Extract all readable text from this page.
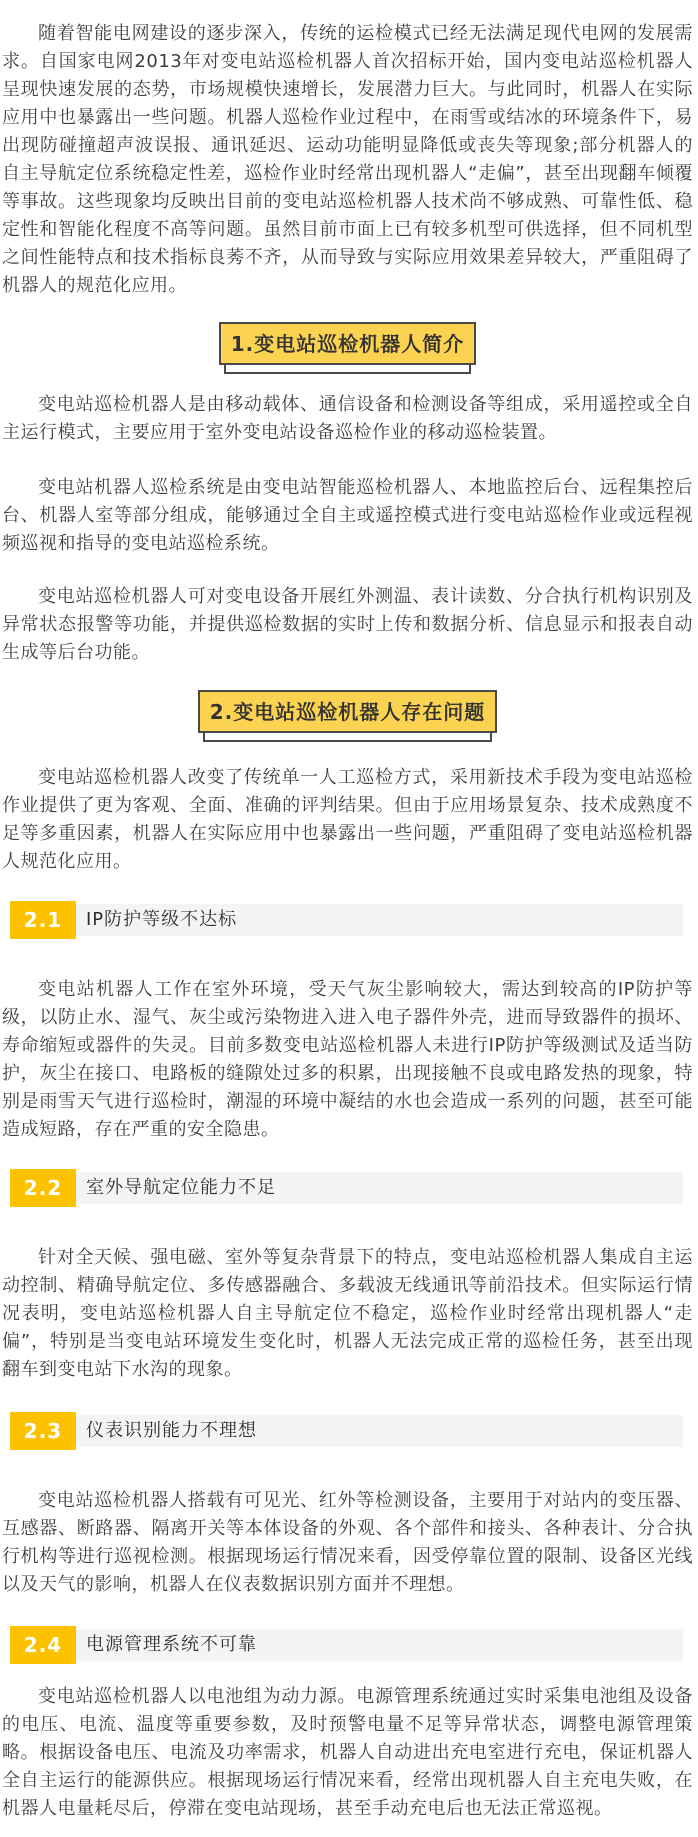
随着智能电网建设的逐步深入，传统的运检模式已经无法满足现代电网的发展需求。自国家电网2013年对变电站巡检机器人首次招标开始，国内变电站巡检机器人呈现快速发展的态势，市场规模快速增长，发展潜力巨大。与此同时，机器人在实际应用中也暴露出一些问题。机器人巡检作业过程中，在雨雪或结冰的环境条件下，易出现防碰撞超声波误报、通讯延迟、运动功能明显降低或丧失等现象;部分机器人的自主导航定位系统稳定性差，巡检作业时经常出现机器人“走偏”，甚至出现翻车倾覆等事故。这些现象均反映出目前的变电站巡检机器人技术尚不够成熟、可靠性低、稳定性和智能化程度不高等问题。虽然目前市面上已有较多机型可供选择，但不同机型之间性能特点和技术指标良莠不齐，从而导致与实际应用效果差异较大，严重阻碍了机器人的规范化应用。

1.变电站巡检机器人简介

变电站巡检机器人是由移动载体、通信设备和检测设备等组成，采用遥控或全自主运行模式，主要应用于室外变电站设备巡检作业的移动巡检装置。

变电站机器人巡检系统是由变电站智能巡检机器人、本地监控后台、远程集控后台、机器人室等部分组成，能够通过全自主或遥控模式进行变电站巡检作业或远程视频巡视和指导的变电站巡检系统。

变电站巡检机器人可对变电设备开展红外测温、表计读数、分合执行机构识别及异常状态报警等功能，并提供巡检数据的实时上传和数据分析、信息显示和报表自动生成等后台功能。

2.变电站巡检机器人存在问题

变电站巡检机器人改变了传统单一人工巡检方式，采用新技术手段为变电站巡检作业提供了更为客观、全面、准确的评判结果。但由于应用场景复杂、技术成熟度不足等多重因素，机器人在实际应用中也暴露出一些问题，严重阻碍了变电站巡检机器人规范化应用。

2.1	IP防护等级不达标

变电站机器人工作在室外环境，受天气灰尘影响较大，需达到较高的IP防护等级，以防止水、湿气、灰尘或污染物进入进入电子器件外壳，进而导致器件的损坏、寿命缩短或器件的失灵。目前多数变电站巡检机器人未进行IP防护等级测试及适当防护，灰尘在接口、电路板的缝隙处过多的积累，出现接触不良或电路发热的现象，特别是雨雪天气进行巡检时，潮湿的环境中凝结的水也会造成一系列的问题，甚至可能造成短路，存在严重的安全隐患。

2.2	室外导航定位能力不足

针对全天候、强电磁、室外等复杂背景下的特点，变电站巡检机器人集成自主运动控制、精确导航定位、多传感器融合、多载波无线通讯等前沿技术。但实际运行情况表明，变电站巡检机器人自主导航定位不稳定，巡检作业时经常出现机器人“走偏”，特别是当变电站环境发生变化时，机器人无法完成正常的巡检任务，甚至出现翻车到变电站下水沟的现象。

2.3	仪表识别能力不理想

变电站巡检机器人搭载有可见光、红外等检测设备，主要用于对站内的变压器、互感器、断路器、隔离开关等本体设备的外观、各个部件和接头、各种表计、分合执行机构等进行巡视检测。根据现场运行情况来看，因受停靠位置的限制、设备区光线以及天气的影响，机器人在仪表数据识别方面并不理想。

2.4	电源管理系统不可靠

变电站巡检机器人以电池组为动力源。电源管理系统通过实时采集电池组及设备的电压、电流、温度等重要参数，及时预警电量不足等异常状态，调整电源管理策略。根据设备电压、电流及功率需求，机器人自动进出充电室进行充电，保证机器人全自主运行的能源供应。根据现场运行情况来看，经常出现机器人自主充电失败，在机器人电量耗尽后，停滞在变电站现场，甚至手动充电后也无法正常巡视。
